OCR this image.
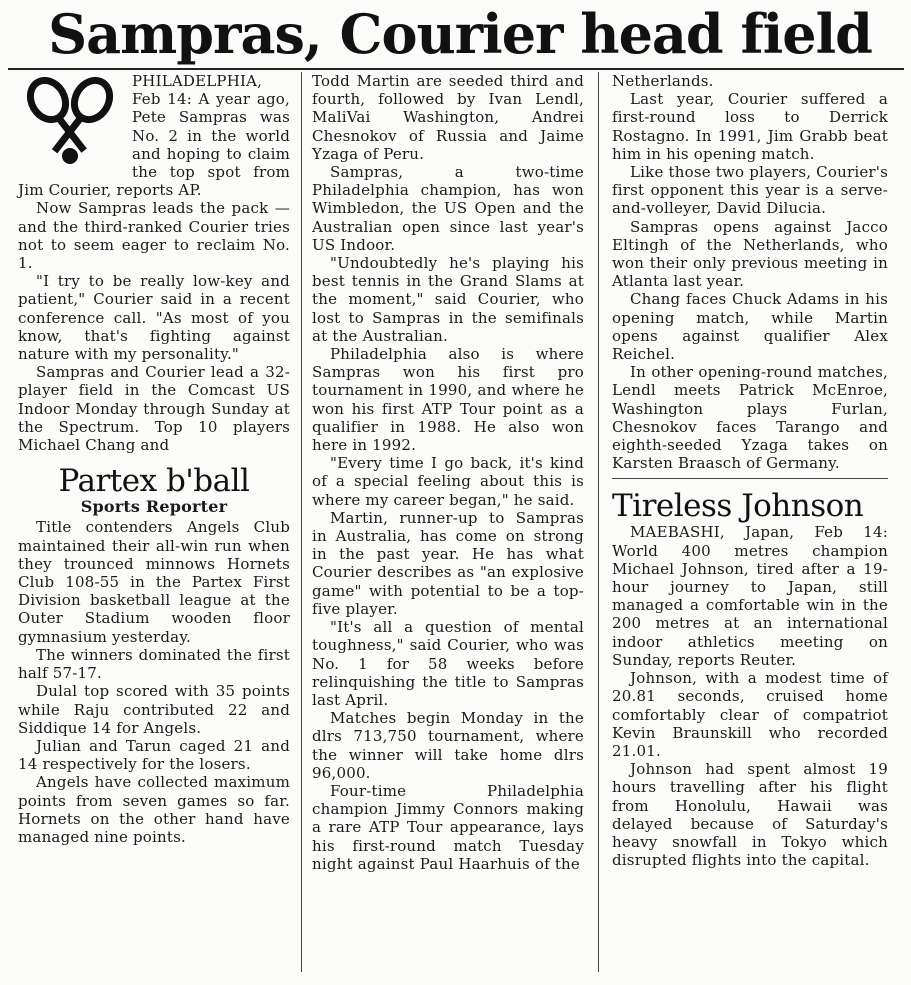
Sampras, Courier head field

PHILADELPHIA, Feb 14: A year ago, Pete Sampras was No. 2 in the world and hoping to claim the top spot from Jim Courier, reports AP.

Now Sampras leads the pack — and the third-ranked Courier tries not to seem eager to reclaim No. 1.

"I try to be really low-key and patient," Courier said in a recent conference call. "As most of you know, that's fighting against nature with my personality."

Sampras and Courier lead a 32-player field in the Comcast US Indoor Monday through Sunday at the Spectrum. Top 10 players Michael Chang and

Partex b'ball
Sports Reporter

Title contenders Angels Club maintained their all-win run when they trounced minnows Hornets Club 108-55 in the Partex First Division basketball league at the Outer Stadium wooden floor gymnasium yesterday.

The winners dominated the first half 57-17.

Dulal top scored with 35 points while Raju contributed 22 and Siddique 14 for Angels.

Julian and Tarun caged 21 and 14 respectively for the losers.

Angels have collected maximum points from seven games so far. Hornets on the other hand have managed nine points.

Todd Martin are seeded third and fourth, followed by Ivan Lendl, MaliVai Washington, Andrei Chesnokov of Russia and Jaime Yzaga of Peru.

Sampras, a two-time Philadelphia champion, has won Wimbledon, the US Open and the Australian open since last year's US Indoor.

"Undoubtedly he's playing his best tennis in the Grand Slams at the moment," said Courier, who lost to Sampras in the semifinals at the Australian.

Philadelphia also is where Sampras won his first pro tournament in 1990, and where he won his first ATP Tour point as a qualifier in 1988. He also won here in 1992.

"Every time I go back, it's kind of a special feeling about this is where my career began," he said.

Martin, runner-up to Sampras in Australia, has come on strong in the past year. He has what Courier describes as "an explosive game" with potential to be a top-five player.

"It's all a question of mental toughness," said Courier, who was No. 1 for 58 weeks before relinquishing the title to Sampras last April.

Matches begin Monday in the dlrs 713,750 tournament, where the winner will take home dlrs 96,000.

Four-time Philadelphia champion Jimmy Connors making a rare ATP Tour appearance, lays his first-round match Tuesday night against Paul Haarhuis of the

Netherlands.

Last year, Courier suffered a first-round loss to Derrick Rostagno. In 1991, Jim Grabb beat him in his opening match.

Like those two players, Courier's first opponent this year is a serve-and-volleyer, David Dilucia.

Sampras opens against Jacco Eltingh of the Netherlands, who won their only previous meeting in Atlanta last year.

Chang faces Chuck Adams in his opening match, while Martin opens against qualifier Alex Reichel.

In other opening-round matches, Lendl meets Patrick McEnroe, Washington plays Furlan, Chesnokov faces Tarango and eighth-seeded Yzaga takes on Karsten Braasch of Germany.

Tireless Johnson

MAEBASHI, Japan, Feb 14: World 400 metres champion Michael Johnson, tired after a 19-hour journey to Japan, still managed a comfortable win in the 200 metres at an international indoor athletics meeting on Sunday, reports Reuter.

Johnson, with a modest time of 20.81 seconds, cruised home comfortably clear of compatriot Kevin Braunskill who recorded 21.01.

Johnson had spent almost 19 hours travelling after his flight from Honolulu, Hawaii was delayed because of Saturday's heavy snowfall in Tokyo which disrupted flights into the capital.
